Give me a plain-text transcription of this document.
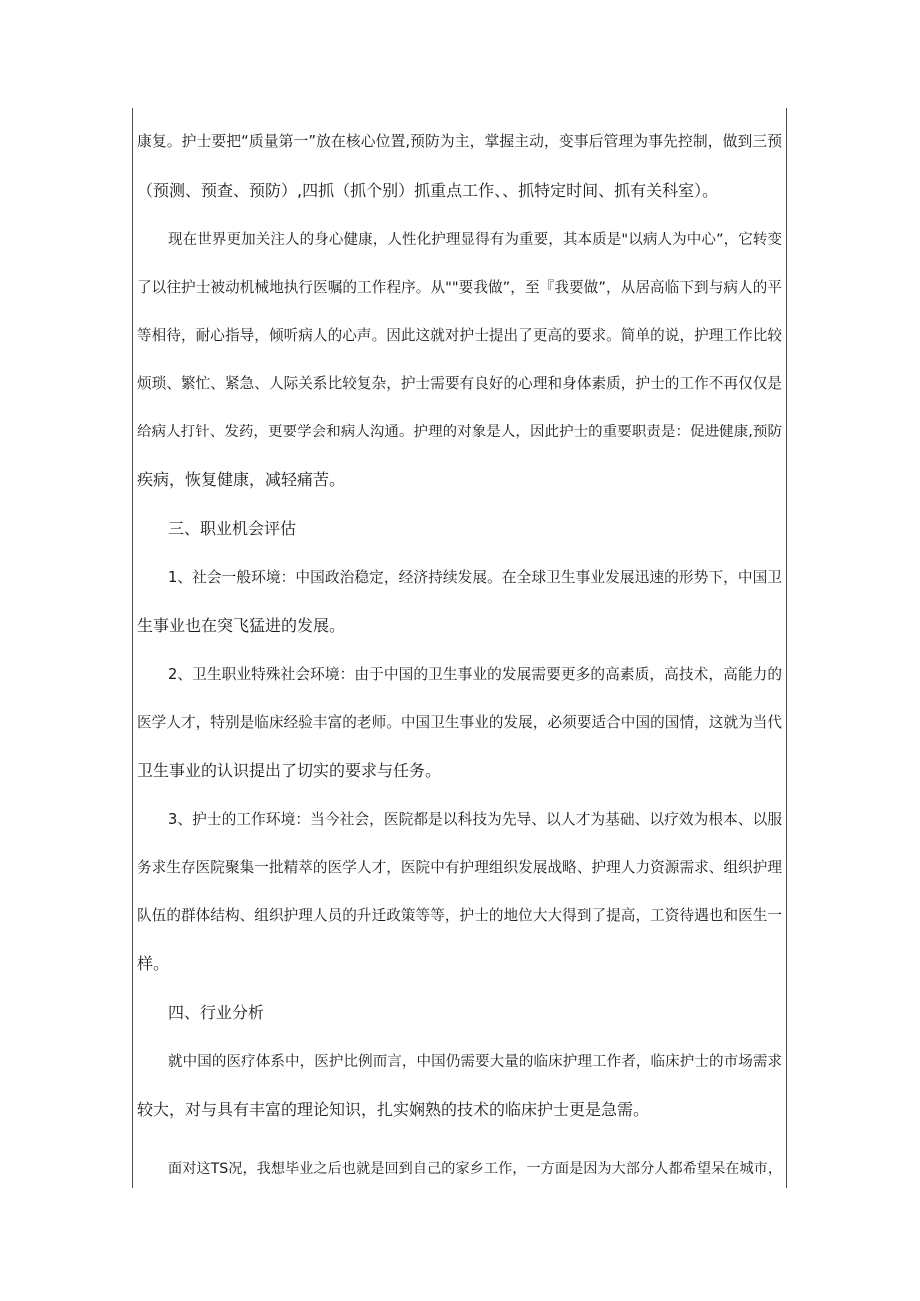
康复。护士要把“质量第一”放在核心位置,预防为主，掌握主动，变事后管理为事先控制，做到三预
（预测、预查、预防）,四抓（抓个别）抓重点工作、、抓特定时间、抓有关科室）。
现在世界更加关注人的身心健康，人性化护理显得有为重要，其本质是"以病人为中心”，它转变
了以往护士被动机械地执行医嘱的工作程序。从""要我做”，至『我要做”，从居高临下到与病人的平
等相待，耐心指导，倾听病人的心声。因此这就对护士提出了更高的要求。简单的说，护理工作比较
烦琐、繁忙、紧急、人际关系比较复杂，护士需要有良好的心理和身体素质，护士的工作不再仅仅是
给病人打针、发药，更要学会和病人沟通。护理的对象是人，因此护士的重要职责是：促进健康,预防
疾病，恢复健康，减轻痛苦。
三、职业机会评估
1、社会一般环境：中国政治稳定，经济持续发展。在全球卫生事业发展迅速的形势下，中国卫
生事业也在突飞猛进的发展。
2、卫生职业特殊社会环境：由于中国的卫生事业的发展需要更多的高素质，高技术，高能力的
医学人才，特别是临床经验丰富的老师。中国卫生事业的发展，必须要适合中国的国情，这就为当代
卫生事业的认识提出了切实的要求与任务。
3、护士的工作环境：当今社会，医院都是以科技为先导、以人才为基础、以疗效为根本、以服
务求生存医院聚集一批精萃的医学人才，医院中有护理组织发展战略、护理人力资源需求、组织护理
队伍的群体结构、组织护理人员的升迁政策等等，护士的地位大大得到了提高，工资待遇也和医生一
样。
四、行业分析
就中国的医疗体系中，医护比例而言，中国仍需要大量的临床护理工作者，临床护士的市场需求
较大，对与具有丰富的理论知识，扎实娴熟的技术的临床护士更是急需。
面对这TS况，我想毕业之后也就是回到自己的家乡工作，一方面是因为大部分人都希望呆在城市，
